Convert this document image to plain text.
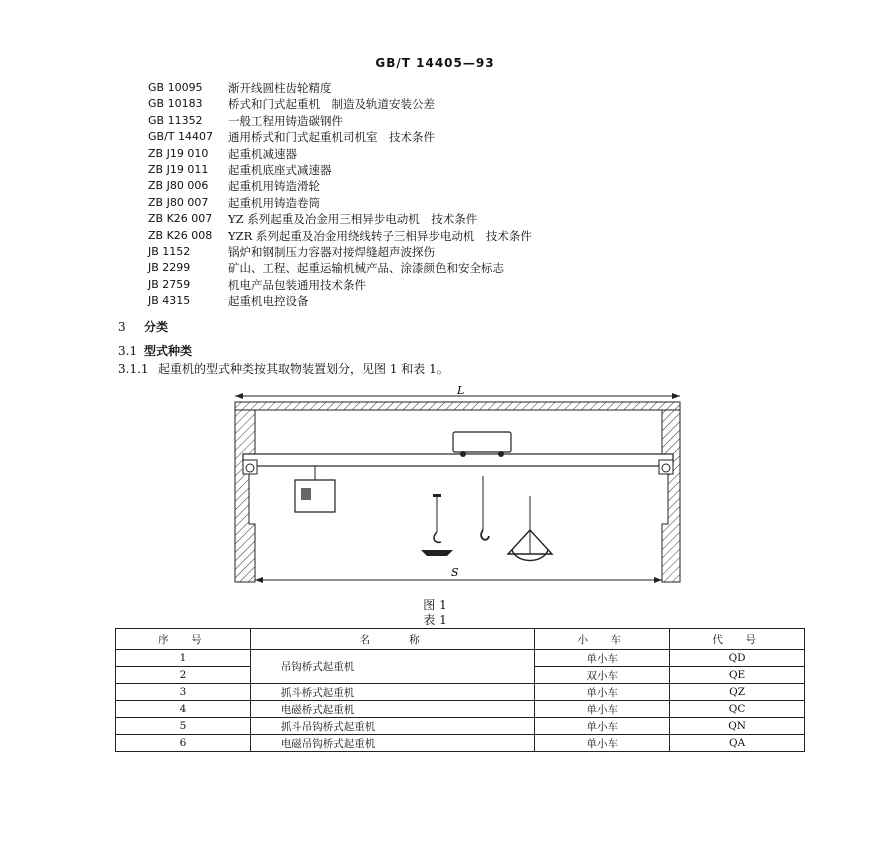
GB/T 14405—93
GB 10095	渐开线圆柱齿轮精度
GB 10183	桥式和门式起重机　制造及轨道安装公差
GB 11352	一般工程用铸造碳钢件
GB/T 14407	通用桥式和门式起重机司机室　技术条件
ZB J19 010	起重机减速器
ZB J19 011	起重机底座式减速器
ZB J80 006	起重机用铸造滑轮
ZB J80 007	起重机用铸造卷筒
ZB K26 007	YZ 系列起重及冶金用三相异步电动机　技术条件
ZB K26 008	YZR 系列起重及冶金用绕线转子三相异步电动机　技术条件
JB 1152	锅炉和钢制压力容器对接焊缝超声波探伤
JB 2299	矿山、工程、起重运输机械产品、涂漆颜色和安全标志
JB 2759	机电产品包装通用技术条件
JB 4315	起重机电控设备
3 分类
3.1 型式种类
3.1.1 起重机的型式种类按其取物装置划分，见图 1 和表 1。
L
S
图 1
表 1
序　号	名　　称	小　车	代　号
1	吊钩桥式起重机	单小车	QD
2		双小车	QE
3	抓斗桥式起重机	单小车	QZ
4	电磁桥式起重机	单小车	QC
5	抓斗吊钩桥式起重机	单小车	QN
6	电磁吊钩桥式起重机	单小车	QA
